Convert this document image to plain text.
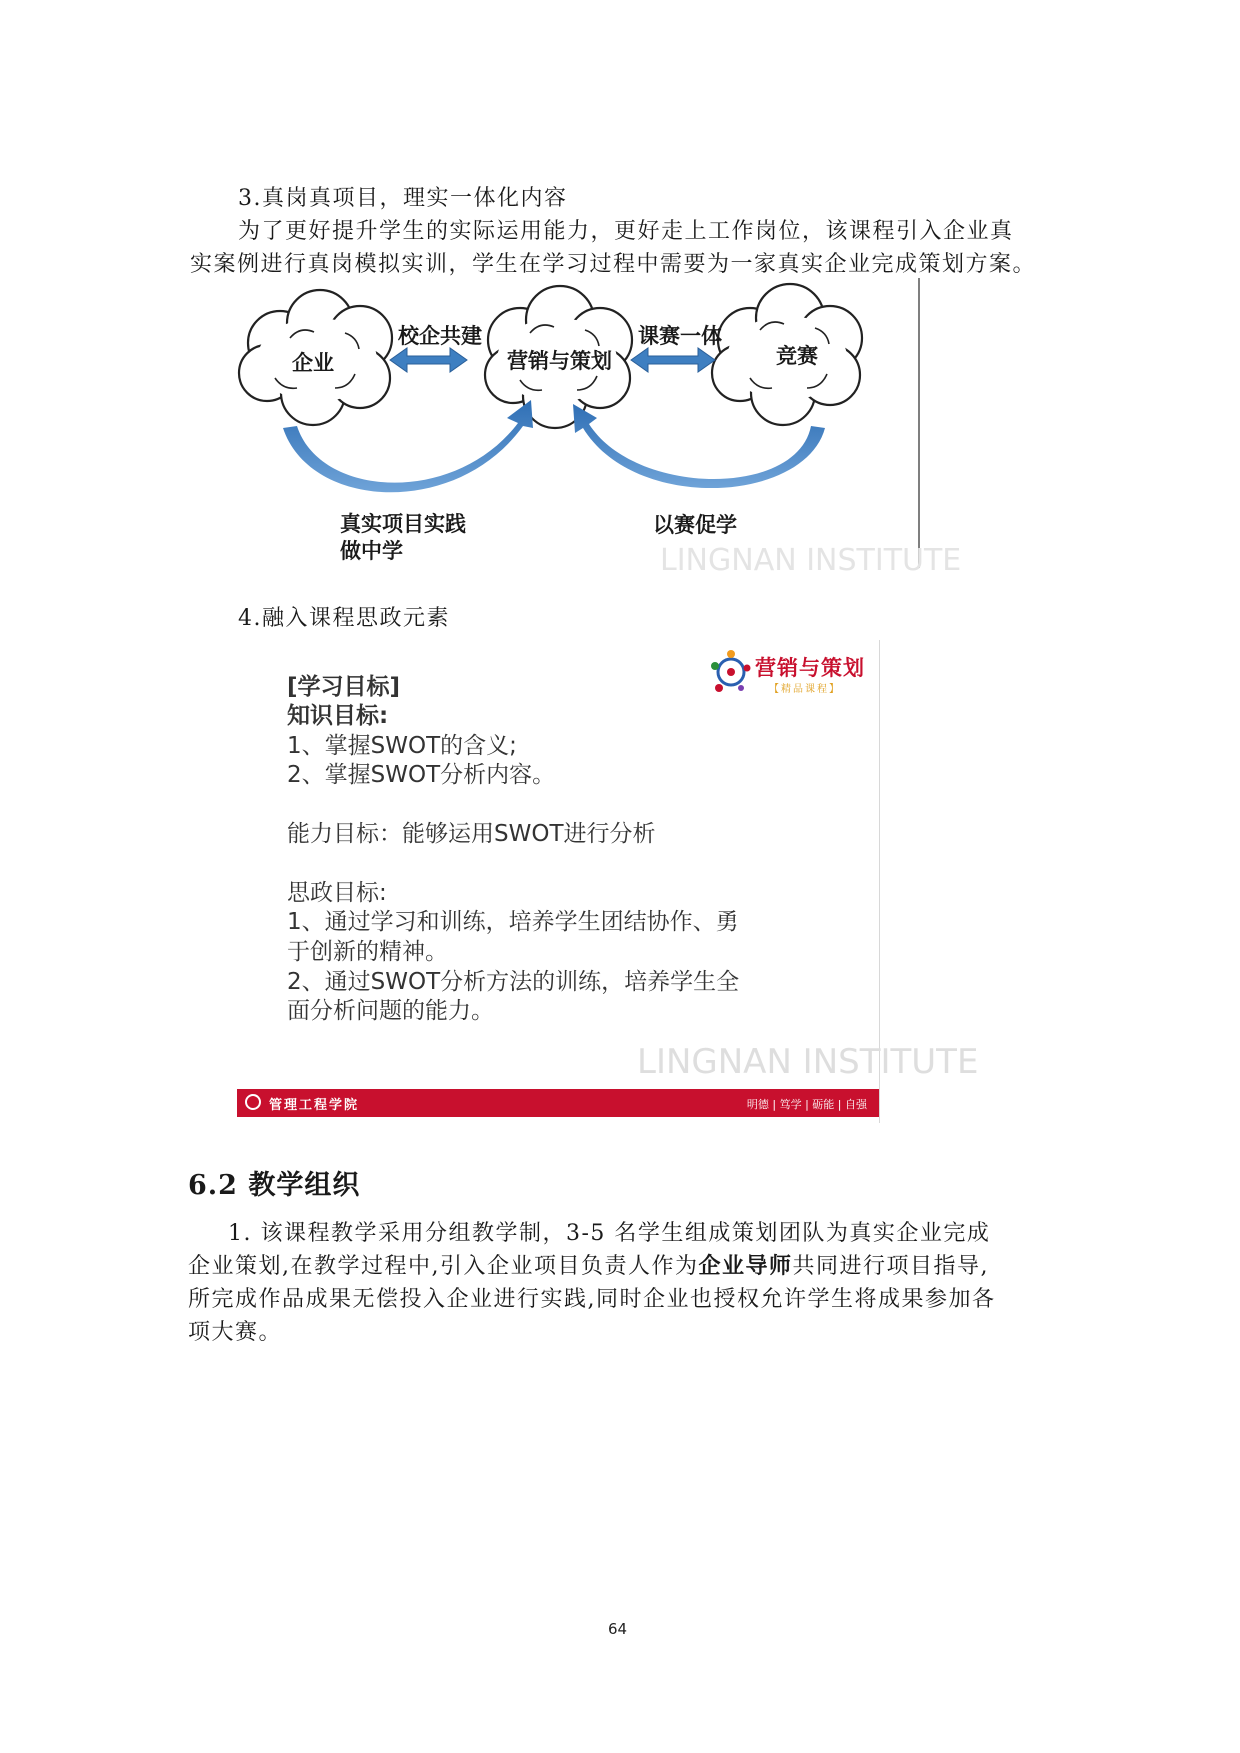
3.真岗真项目，理实一体化内容
为了更好提升学生的实际运用能力，更好走上工作岗位，该课程引入企业真
实案例进行真岗模拟实训，学生在学习过程中需要为一家真实企业完成策划方案。
LINGNAN INSTITUTE
企业	营销与策划	竞赛
校企共建	课赛一体
真实项目实践
做中学
以赛促学
4.融入课程思政元素
营销与策划
【精品课程】
[学习目标]
知识目标:
1、掌握SWOT的含义;
2、掌握SWOT分析内容。
能力目标：能够运用SWOT进行分析
思政目标:
1、通过学习和训练，培养学生团结协作、勇
于创新的精神。
2、通过SWOT分析方法的训练，培养学生全
面分析问题的能力。
LINGNAN INSTITUTE
管理工程学院	明德 | 笃学 | 砺能 | 自强
6.2 教学组织
1. 该课程教学采用分组教学制，3-5 名学生组成策划团队为真实企业完成
企业策划,在教学过程中,引入企业项目负责人作为企业导师共同进行项目指导,
所完成作品成果无偿投入企业进行实践,同时企业也授权允许学生将成果参加各
项大赛。
64
